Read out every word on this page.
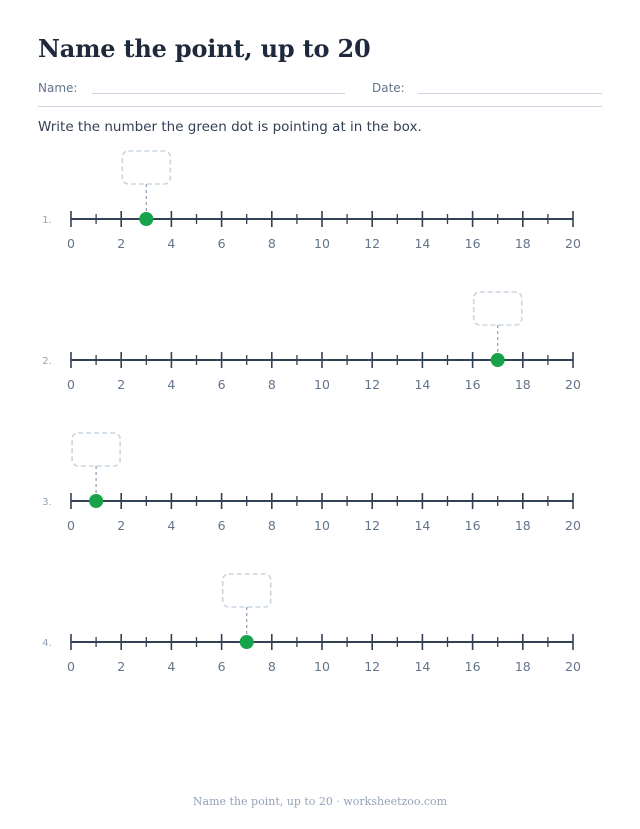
Name the point, up to 20
Name:	Date:
Write the number the green dot is pointing at in the box.
1.
0	2	4	6	8	10	12	14	16	18	20
2.
0	2	4	6	8	10	12	14	16	18	20
3.
0	2	4	6	8	10	12	14	16	18	20
4.
0	2	4	6	8	10	12	14	16	18	20
Name the point, up to 20 · worksheetzoo.com
